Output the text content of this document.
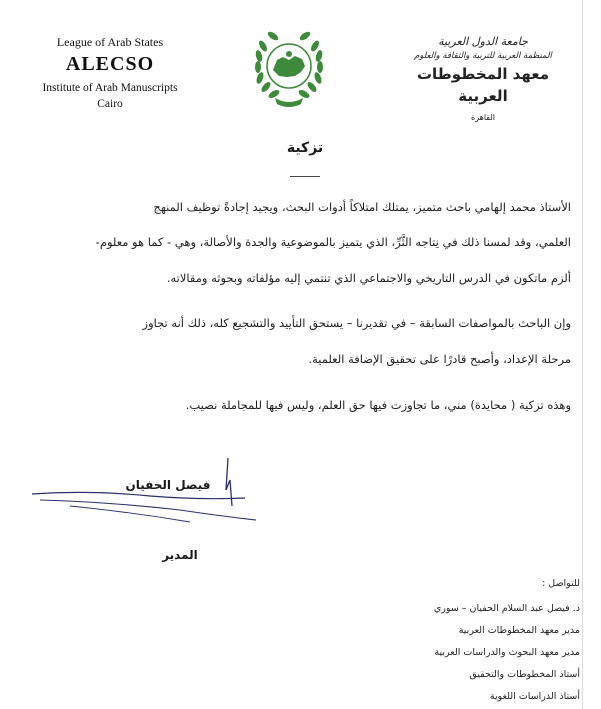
League of Arab States
ALECSO
Institute of Arab Manuscripts
Cairo
جامعة الدول العربية
المنظمة العربية للتربية والثقافة والعلوم
معهد المخطوطات العربية
القاهرة
تزكية
الأستاذ محمد إلهامي باحث متميز، يمتلك امتلاكاً أدوات البحث، ويجيد إجادةً توظيف المنهج
العلمي، وقد لمسنا ذلك في نِتاجه الثَّرِّ، الذي يتميز بالموضوعية والجدة والأصالة، وهي - كما هو معلوم-
ألزم ماتكون في الدرس التاريخي والاجتماعي الذي تنتمي إليه مؤلفاته وبحوثه ومقالاته.
وإن الباحث بالمواصفات السابقة – في تقديرنا – يستحق التأييد والتشجيع كله، ذلك أنه تجاوز
مرحلة الإعداد، وأصبح قادرًا على تحقيق الإضافة العلمية.
وهذه تزكية ( محايدة) مني، ما تجاوزت فيها حق العلم، وليس فيها للمجاملة نصيب.
فيصل الحفيان
المدير
للتواصل :
د. فيصل عبد السلام الحفيان – سوري
مدير معهد المخطوطات العربية
مدير معهد البحوث والدراسات العربية
أستاذ المخطوطات والتحقيق
أستاذ الدراسات اللغوية
